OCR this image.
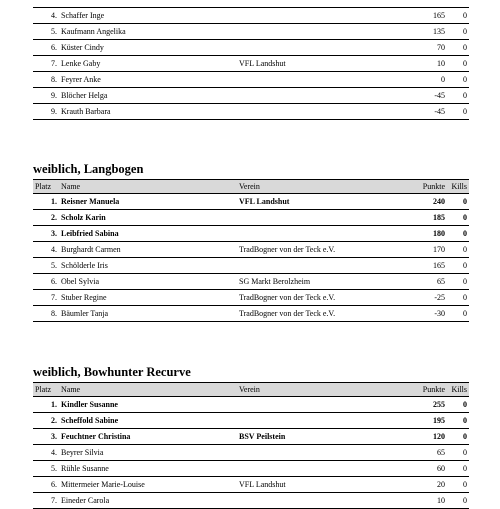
4.	Schaffer Inge		165	0
5.	Kaufmann Angelika		135	0
6.	Küster Cindy		70	0
7.	Lenke Gaby	VFL Landshut	10	0
8.	Feyrer Anke		0	0
9.	Blöcher Helga		-45	0
9.	Krauth Barbara		-45	0
weiblich, Langbogen
Platz	Name	Verein	Punkte	Kills
1.	Reisner Manuela	VFL Landshut	240	0
2.	Scholz Karin		185	0
3.	Leibfried Sabina		180	0
4.	Burghardt Carmen	TradBogner von der Teck e.V.	170	0
5.	Schölderle Iris		165	0
6.	Obel Sylvia	SG Markt Berolzheim	65	0
7.	Stuber Regine	TradBogner von der Teck e.V.	-25	0
8.	Bäumler Tanja	TradBogner von der Teck e.V.	-30	0
weiblich, Bowhunter Recurve
Platz	Name	Verein	Punkte	Kills
1.	Kindler Susanne		255	0
2.	Scheffold Sabine		195	0
3.	Feuchtner Christina	BSV Peilstein	120	0
4.	Beyrer Silvia		65	0
5.	Rühle Susanne		60	0
6.	Mittermeier Marie-Louise	VFL Landshut	20	0
7.	Eineder Carola		10	0
